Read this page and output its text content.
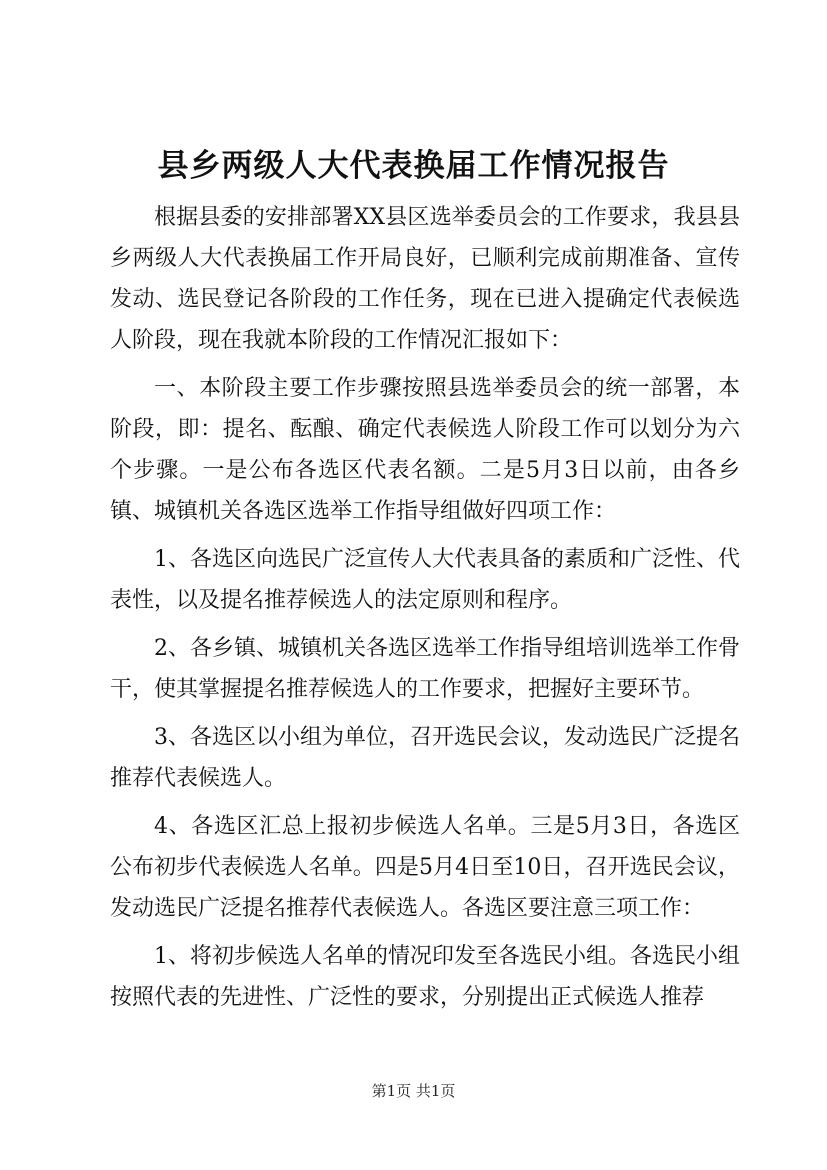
县乡两级人大代表换届工作情况报告

根据县委的安排部署XX县区选举委员会的工作要求，我县县乡两级人大代表换届工作开局良好，已顺利完成前期准备、宣传发动、选民登记各阶段的工作任务，现在已进入提确定代表候选人阶段，现在我就本阶段的工作情况汇报如下：

一、本阶段主要工作步骤按照县选举委员会的统一部署，本阶段，即：提名、酝酿、确定代表候选人阶段工作可以划分为六个步骤。一是公布各选区代表名额。二是5月3日以前，由各乡镇、城镇机关各选区选举工作指导组做好四项工作：

1、各选区向选民广泛宣传人大代表具备的素质和广泛性、代表性，以及提名推荐候选人的法定原则和程序。

2、各乡镇、城镇机关各选区选举工作指导组培训选举工作骨干，使其掌握提名推荐候选人的工作要求，把握好主要环节。

3、各选区以小组为单位，召开选民会议，发动选民广泛提名推荐代表候选人。

4、各选区汇总上报初步候选人名单。三是5月3日，各选区公布初步代表候选人名单。四是5月4日至10日，召开选民会议，发动选民广泛提名推荐代表候选人。各选区要注意三项工作：

1、将初步候选人名单的情况印发至各选民小组。各选民小组按照代表的先进性、广泛性的要求，分别提出正式候选人推荐

第1页 共1页
